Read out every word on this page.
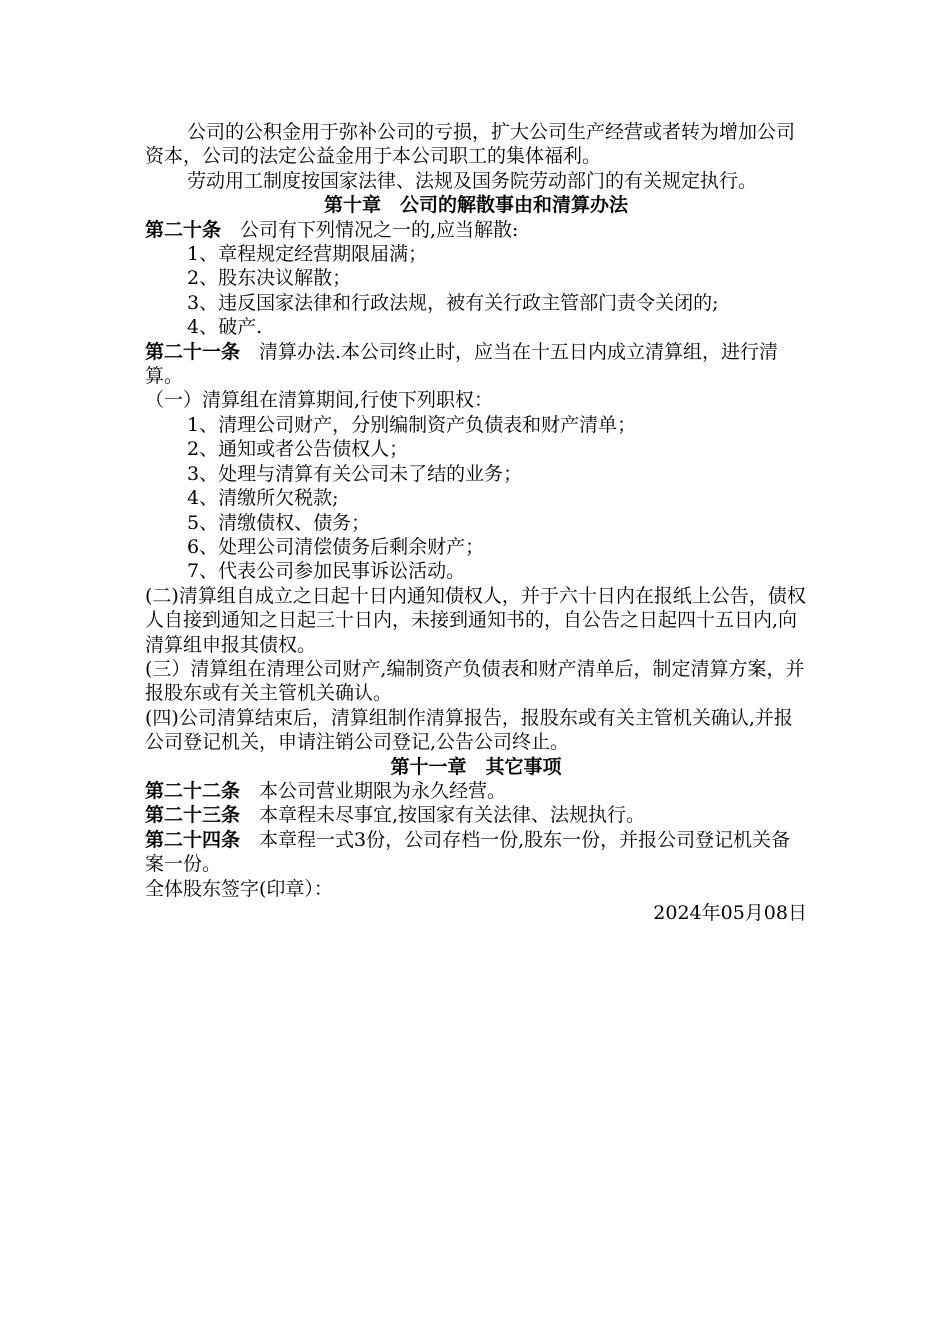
公司的公积金用于弥补公司的亏损，扩大公司生产经营或者转为增加公司资本，公司的法定公益金用于本公司职工的集体福利。

劳动用工制度按国家法律、法规及国务院劳动部门的有关规定执行。

第十章　公司的解散事由和清算办法

第二十条　公司有下列情况之一的,应当解散:

1、章程规定经营期限届满；

2、股东决议解散；

3、违反国家法律和行政法规，被有关行政主管部门责令关闭的;

4、破产.

第二十一条　清算办法.本公司终止时，应当在十五日内成立清算组，进行清算。

（一）清算组在清算期间,行使下列职权：

1、清理公司财产，分别编制资产负债表和财产清单；

2、通知或者公告债权人；

3、处理与清算有关公司未了结的业务；

4、清缴所欠税款;

5、清缴债权、债务；

6、处理公司清偿债务后剩余财产；

7、代表公司参加民事诉讼活动。

(二)清算组自成立之日起十日内通知债权人，并于六十日内在报纸上公告，债权人自接到通知之日起三十日内，未接到通知书的，自公告之日起四十五日内,向清算组申报其债权。

(三）清算组在清理公司财产,编制资产负债表和财产清单后，制定清算方案，并报股东或有关主管机关确认。

(四)公司清算结束后，清算组制作清算报告，报股东或有关主管机关确认,并报公司登记机关，申请注销公司登记,公告公司终止。

第十一章　其它事项

第二十二条　本公司营业期限为永久经营。

第二十三条　本章程未尽事宜,按国家有关法律、法规执行。

第二十四条　本章程一式3份，公司存档一份,股东一份，并报公司登记机关备案一份。

全体股东签字(印章）：

2024年05月08日
